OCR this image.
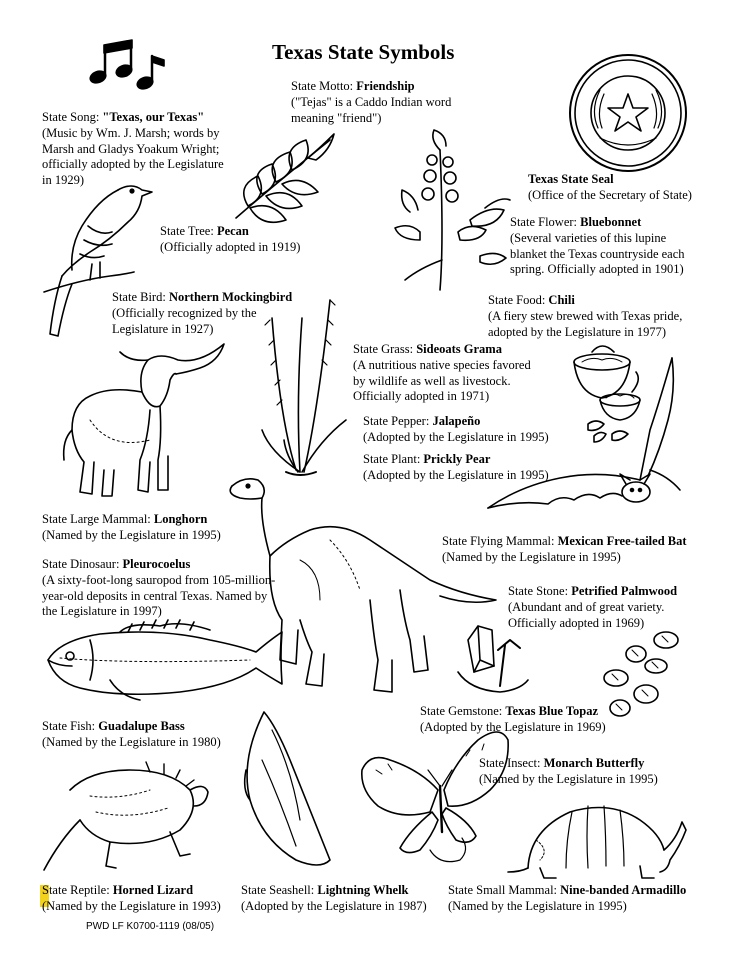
Texas State Symbols
State Song: "Texas, our Texas"
(Music by Wm. J. Marsh; words by
Marsh and Gladys Yoakum Wright;
officially adopted by the Legislature
in 1929)
State Motto: Friendship
("Tejas" is a Caddo Indian word
meaning "friend")
Texas State Seal
(Office of the Secretary of State)
State Tree: Pecan
(Officially adopted in 1919)
State Flower: Bluebonnet
(Several varieties of this lupine
blanket the Texas countryside each
spring. Officially adopted in 1901)
State Bird: Northern Mockingbird
(Officially recognized by the
Legislature in 1927)
State Food: Chili
(A fiery stew brewed with Texas pride,
adopted by the Legislature in 1977)
State Grass: Sideoats Grama
(A nutritious native species favored
by wildlife as well as livestock.
Officially adopted in 1971)
State Pepper: Jalapeño
(Adopted by the Legislature in 1995)
State Plant: Prickly Pear
(Adopted by the Legislature in 1995)
State Large Mammal: Longhorn
(Named by the Legislature in 1995)	State Flying Mammal: Mexican Free-tailed Bat
(Named by the Legislature in 1995)
State Dinosaur: Pleurocoelus
(A sixty-foot-long sauropod from 105-million-
year-old deposits in central Texas. Named by
the Legislature in 1997)
State Stone: Petrified Palmwood
(Abundant and of great variety.
Officially adopted in 1969)
State Gemstone: Texas Blue Topaz
(Adopted by the Legislature in 1969)
State Fish: Guadalupe Bass
(Named by the Legislature in 1980)
State Insect: Monarch Butterfly
(Named by the Legislature in 1995)
State Reptile: Horned Lizard
(Named by the Legislature in 1993)
State Seashell: Lightning Whelk
(Adopted by the Legislature in 1987)
State Small Mammal: Nine-banded Armadillo
(Named by the Legislature in 1995)
PWD LF K0700-1119 (08/05)
